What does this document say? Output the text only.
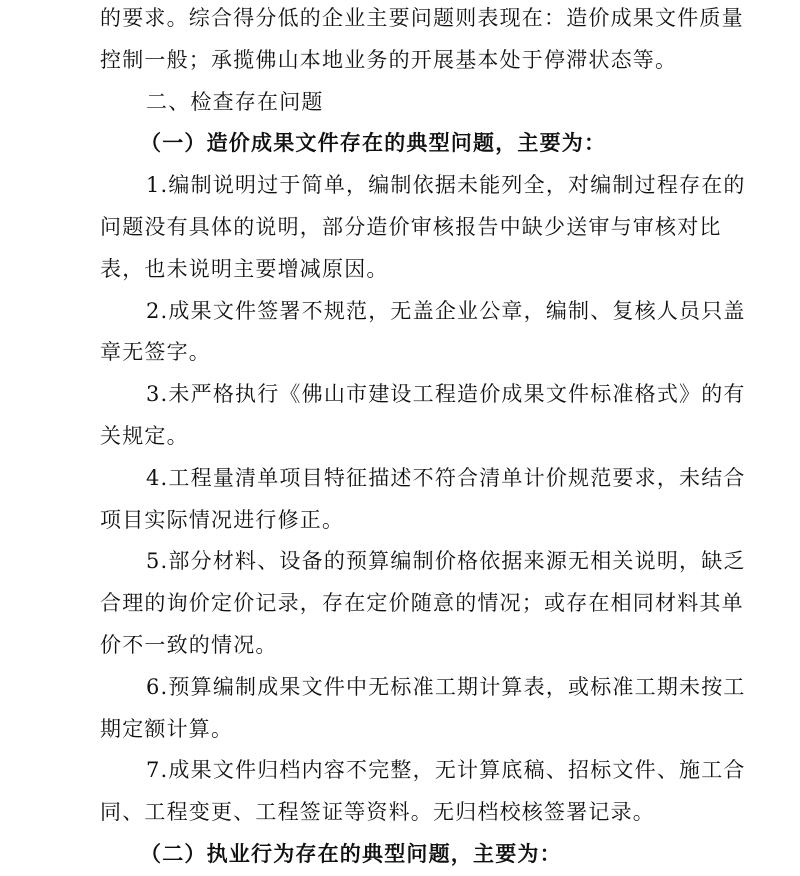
的要求。综合得分低的企业主要问题则表现在：造价成果文件质量
控制一般；承揽佛山本地业务的开展基本处于停滞状态等。
二、检查存在问题
（一）造价成果文件存在的典型问题，主要为：
1.编制说明过于简单，编制依据未能列全，对编制过程存在的
问题没有具体的说明，部分造价审核报告中缺少送审与审核对比
表，也未说明主要增减原因。
2.成果文件签署不规范，无盖企业公章，编制、复核人员只盖
章无签字。
3.未严格执行《佛山市建设工程造价成果文件标准格式》的有
关规定。
4.工程量清单项目特征描述不符合清单计价规范要求，未结合
项目实际情况进行修正。
5.部分材料、设备的预算编制价格依据来源无相关说明，缺乏
合理的询价定价记录，存在定价随意的情况；或存在相同材料其单
价不一致的情况。
6.预算编制成果文件中无标准工期计算表，或标准工期未按工
期定额计算。
7.成果文件归档内容不完整，无计算底稿、招标文件、施工合
同、工程变更、工程签证等资料。无归档校核签署记录。
（二）执业行为存在的典型问题，主要为：
